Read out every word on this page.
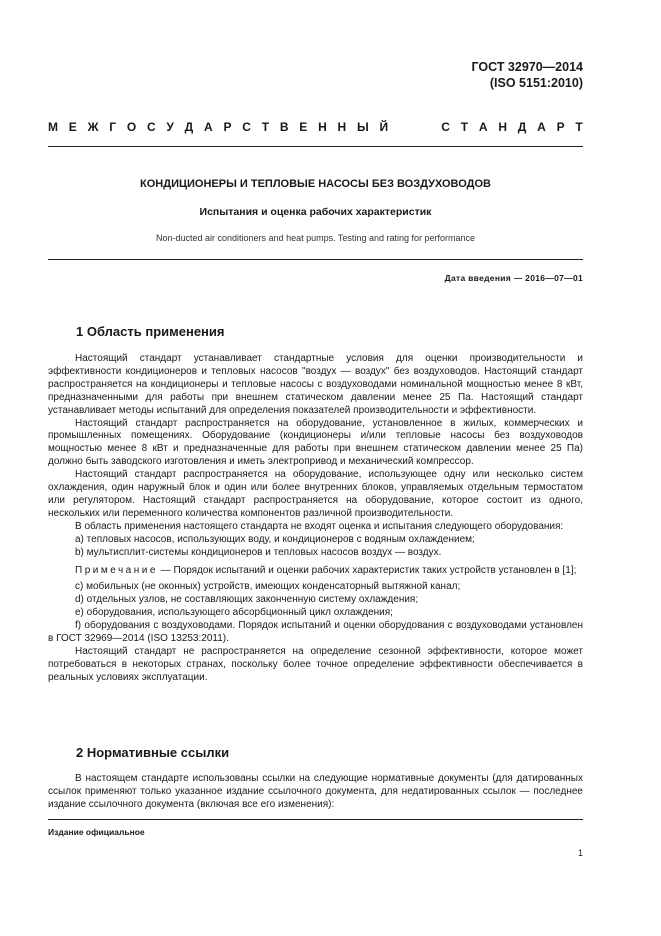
ГОСТ 32970—2014
(ISO 5151:2010)
М Е Ж Г О С У Д А Р С Т В Е Н Н Ы Й

	С Т А Н Д А Р Т
КОНДИЦИОНЕРЫ И ТЕПЛОВЫЕ НАСОСЫ БЕЗ ВОЗДУХОВОДОВ
Испытания и оценка рабочих характеристик
Non-ducted air conditioners and heat pumps. Testing and rating for performance
Дата введения — 2016—07—01
1 Область применения

Настоящий стандарт устанавливает стандартные условия для оценки производительности и эффективности кондиционеров и тепловых насосов "воздух — воздух" без воздуховодов. Настоящий стандарт распространяется на кондиционеры и тепловые насосы с воздуховодами номинальной мощностью менее 8 кВт, предназначенными для работы при внешнем статическом давлении менее 25 Па. Настоящий стандарт устанавливает методы испытаний для определения показателей производительности и эффективности.

Настоящий стандарт распространяется на оборудование, установленное в жилых, коммерческих и промышленных помещениях. Оборудование (кондиционеры и/или тепловые насосы без воздуховодов мощностью менее 8 кВт и предназначенные для работы при внешнем статическом давлении менее 25 Па) должно быть заводского изготовления и иметь электропривод и механический компрессор.

Настоящий стандарт распространяется на оборудование, использующее одну или несколько систем охлаждения, один наружный блок и один или более внутренних блоков, управляемых отдельным термостатом или регулятором. Настоящий стандарт распространяется на оборудование, которое состоит из одного, нескольких или переменного количества компонентов различной производительности.

В область применения настоящего стандарта не входят оценка и испытания следующего оборудования:

a) тепловых насосов, использующих воду, и кондиционеров с водяным охлаждением;

b) мультисплит-системы кондиционеров и тепловых насосов воздух — воздух.

Примечание — Порядок испытаний и оценки рабочих характеристик таких устройств установлен в [1];

c) мобильных (не оконных) устройств, имеющих конденсаторный вытяжной канал;

d) отдельных узлов, не составляющих законченную систему охлаждения;

e) оборудования, использующего абсорбционный цикл охлаждения;

f) оборудования с воздуховодами. Порядок испытаний и оценки оборудования с воздуховодами установлен в ГОСТ 32969—2014 (ISO 13253:2011).

Настоящий стандарт не распространяется на определение сезонной эффективности, которое может потребоваться в некоторых странах, поскольку более точное определение эффективности обеспечивается в реальных условиях эксплуатации.

2 Нормативные ссылки

В настоящем стандарте использованы ссылки на следующие нормативные документы (для датированных ссылок применяют только указанное издание ссылочного документа, для недатированных ссылок — последнее издание ссылочного документа (включая все его изменения):

Издание официальное
1
